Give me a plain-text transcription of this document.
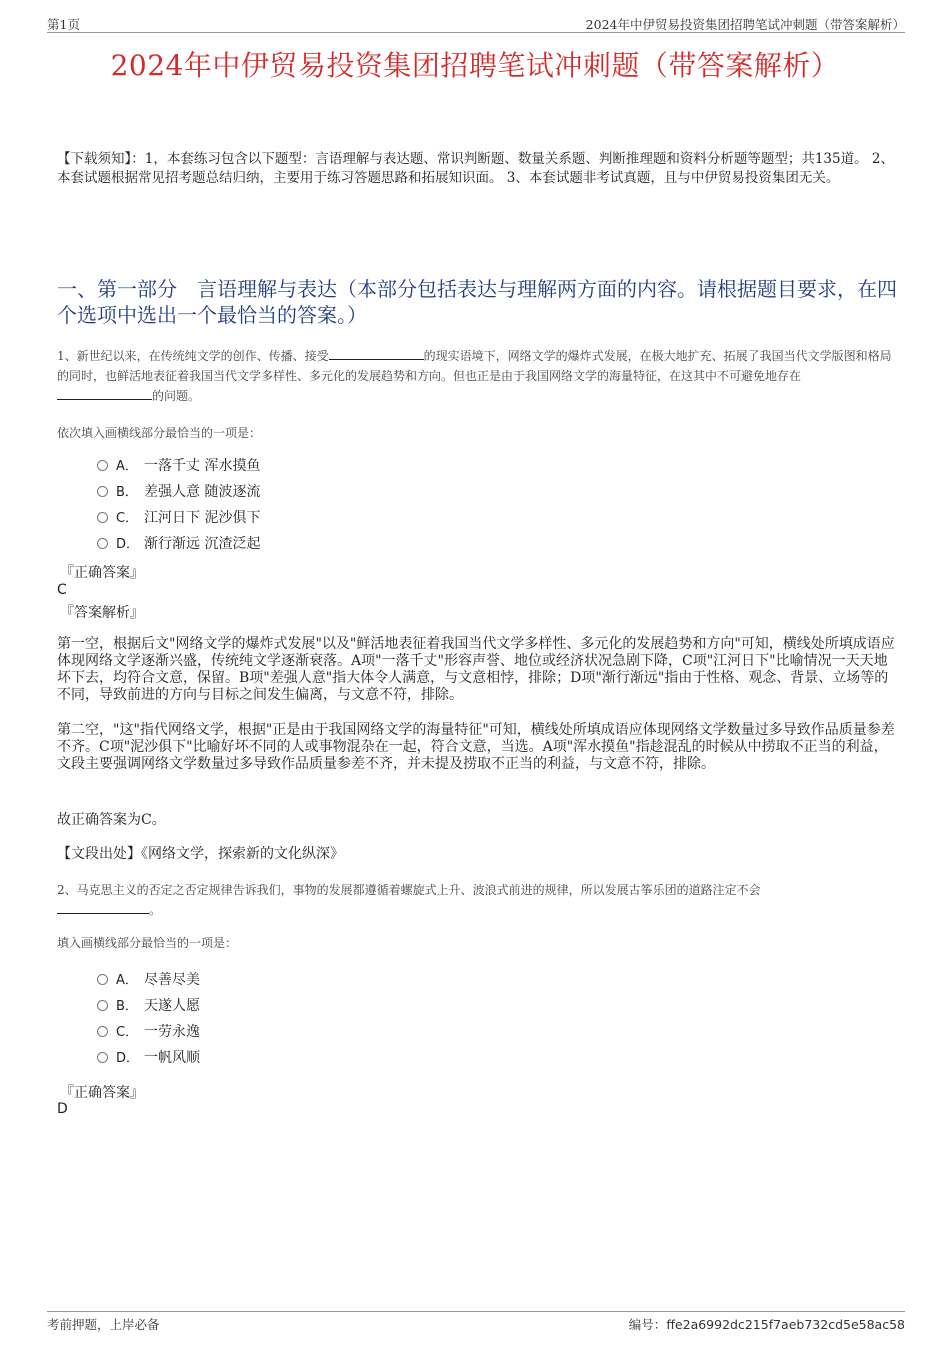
第1页	2024年中伊贸易投资集团招聘笔试冲刺题（带答案解析）
2024年中伊贸易投资集团招聘笔试冲刺题（带答案解析）
【下载须知】：1，本套练习包含以下题型：言语理解与表达题、常识判断题、数量关系题、判断推理题和资料分析题等题型；共135道。 2、本套试题根据常见招考题总结归纳，主要用于练习答题思路和拓展知识面。 3、本套试题非考试真题，且与中伊贸易投资集团无关。
一、第一部分　言语理解与表达（本部分包括表达与理解两方面的内容。请根据题目要求，在四个选项中选出一个最恰当的答案。）
1、新世纪以来，在传统纯文学的创作、传播、接受	的现实语境下，网络文学的爆炸式发展，在极大地扩充、拓展了我国当代文学版图和格局的同时，也鲜活地表征着我国当代文学多样性、多元化的发展趋势和方向。但也正是由于我国网络文学的海量特征，在这其中不可避免地存在的问题。
依次填入画横线部分最恰当的一项是：
A． 一落千丈 浑水摸鱼
B． 差强人意 随波逐流
C． 江河日下 泥沙俱下
D． 渐行渐远 沉渣泛起
『正确答案』
C
『答案解析』
第一空，根据后文"网络文学的爆炸式发展"以及"鲜活地表征着我国当代文学多样性、多元化的发展趋势和方向"可知，横线处所填成语应体现网络文学逐渐兴盛，传统纯文学逐渐衰落。A项"一落千丈"形容声誉、地位或经济状况急剧下降，C项"江河日下"比喻情况一天天地坏下去，均符合文意，保留。B项"差强人意"指大体令人满意，与文意相悖，排除；D项"渐行渐远"指由于性格、观念、背景、立场等的不同，导致前进的方向与目标之间发生偏离，与文意不符，排除。
第二空，"这"指代网络文学，根据"正是由于我国网络文学的海量特征"可知，横线处所填成语应体现网络文学数量过多导致作品质量参差不齐。C项"泥沙俱下"比喻好坏不同的人或事物混杂在一起，符合文意，当选。A项"浑水摸鱼"指趁混乱的时候从中捞取不正当的利益，文段主要强调网络文学数量过多导致作品质量参差不齐，并未提及捞取不正当的利益，与文意不符，排除。
故正确答案为C。
【文段出处】《网络文学，探索新的文化纵深》
2、马克思主义的否定之否定规律告诉我们，事物的发展都遵循着螺旋式上升、波浪式前进的规律，所以发展古筝乐团的道路注定不会
。
填入画横线部分最恰当的一项是：
A． 尽善尽美
B． 天遂人愿
C． 一劳永逸
D． 一帆风顺
『正确答案』
D
考前押题，上岸必备	编号：ffe2a6992dc215f7aeb732cd5e58ac58
